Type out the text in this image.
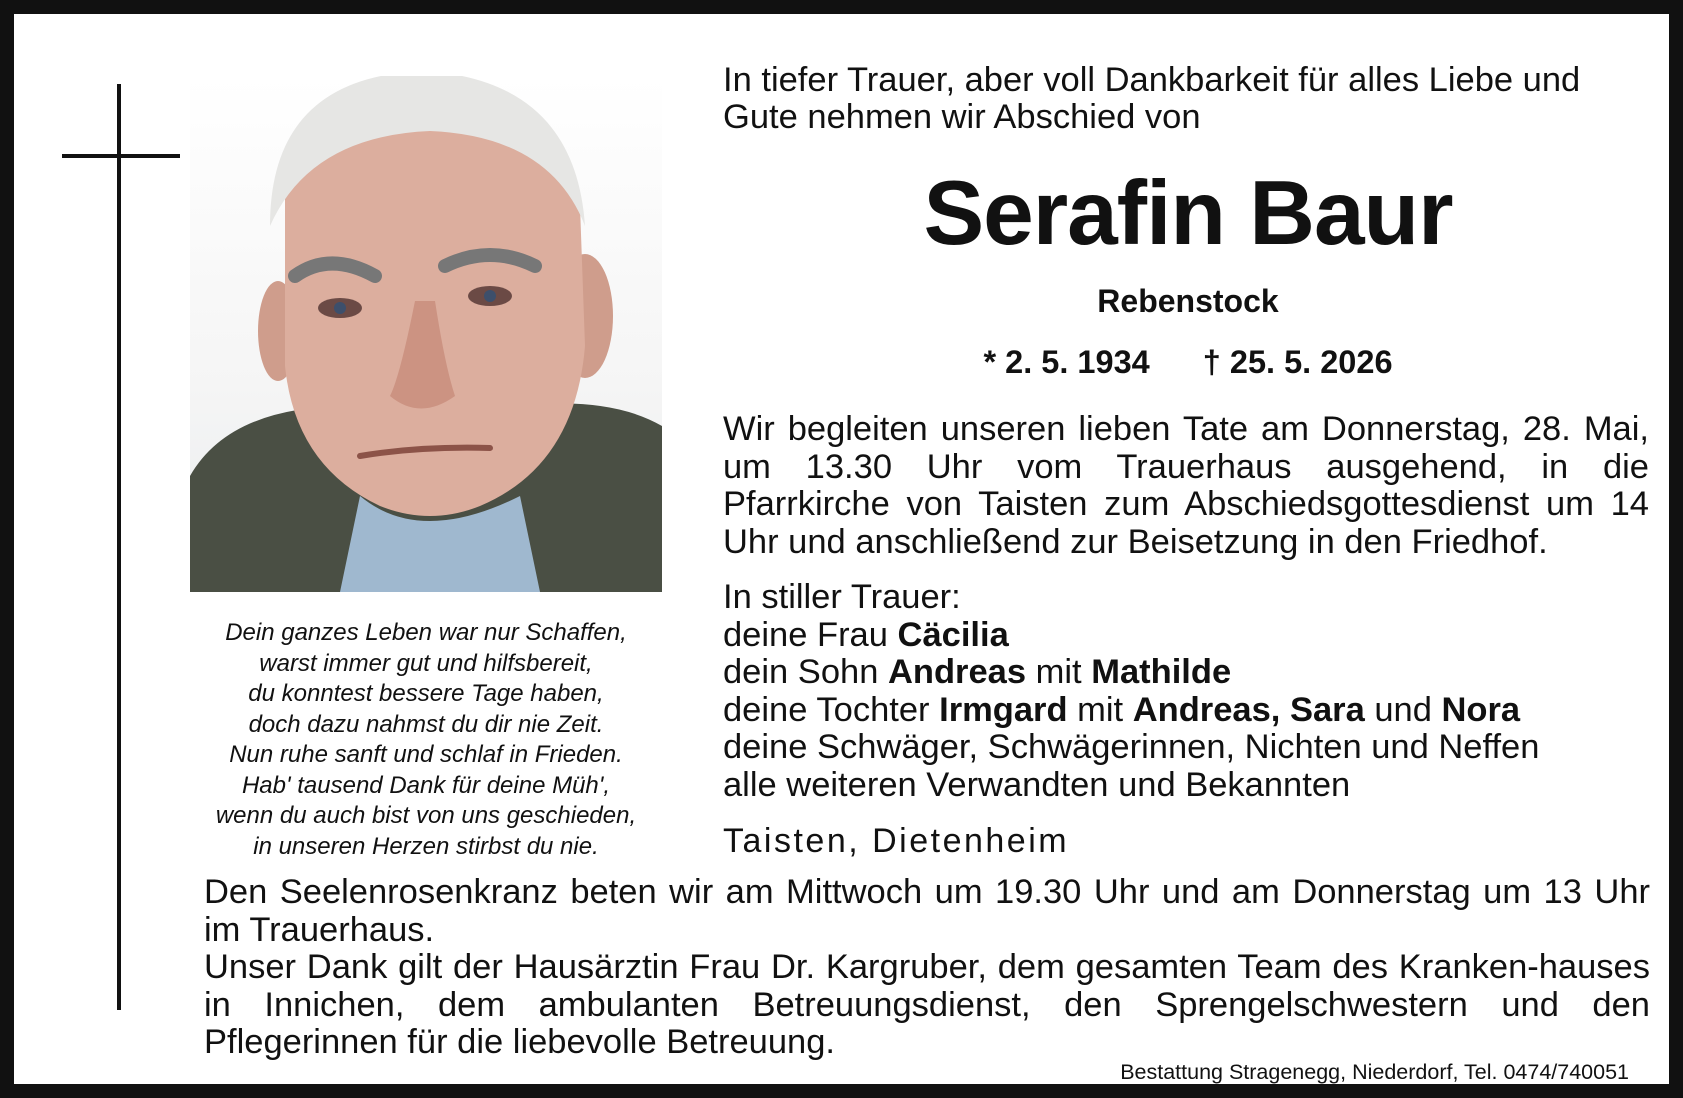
Dein ganzes Leben war nur Schaffen,
warst immer gut und hilfsbereit,
du konntest bessere Tage haben,
doch dazu nahmst du dir nie Zeit.
Nun ruhe sanft und schlaf in Frieden.
Hab' tausend Dank für deine Müh',
wenn du auch bist von uns geschieden,
in unseren Herzen stirbst du nie.
In tiefer Trauer, aber voll Dankbarkeit für alles Liebe und Gute nehmen wir Abschied von
Serafin Baur
Rebenstock
* 2. 5. 1934 † 25. 5. 2026
Wir begleiten unseren lieben Tate am Donnerstag, 28. Mai, um 13.30 Uhr vom Trauerhaus ausgehend, in die Pfarrkirche von Taisten zum Abschiedsgottesdienst um 14 Uhr und anschließend zur Beisetzung in den Friedhof.
In stiller Trauer:
deine Frau Cäcilia
dein Sohn Andreas mit Mathilde
deine Tochter Irmgard mit Andreas, Sara und Nora
deine Schwäger, Schwägerinnen, Nichten und Neffen
alle weiteren Verwandten und Bekannten
Taisten, Dietenheim

Den Seelenrosenkranz beten wir am Mittwoch um 19.30 Uhr und am Donnerstag um 13 Uhr im Trauerhaus.

Unser Dank gilt der Hausärztin Frau Dr. Kargruber, dem gesamten Team des Kranken-hauses in Innichen, dem ambulanten Betreuungsdienst, den Sprengelschwestern und den Pflegerinnen für die liebevolle Betreuung.

Bestattung Stragenegg, Niederdorf, Tel. 0474/740051
